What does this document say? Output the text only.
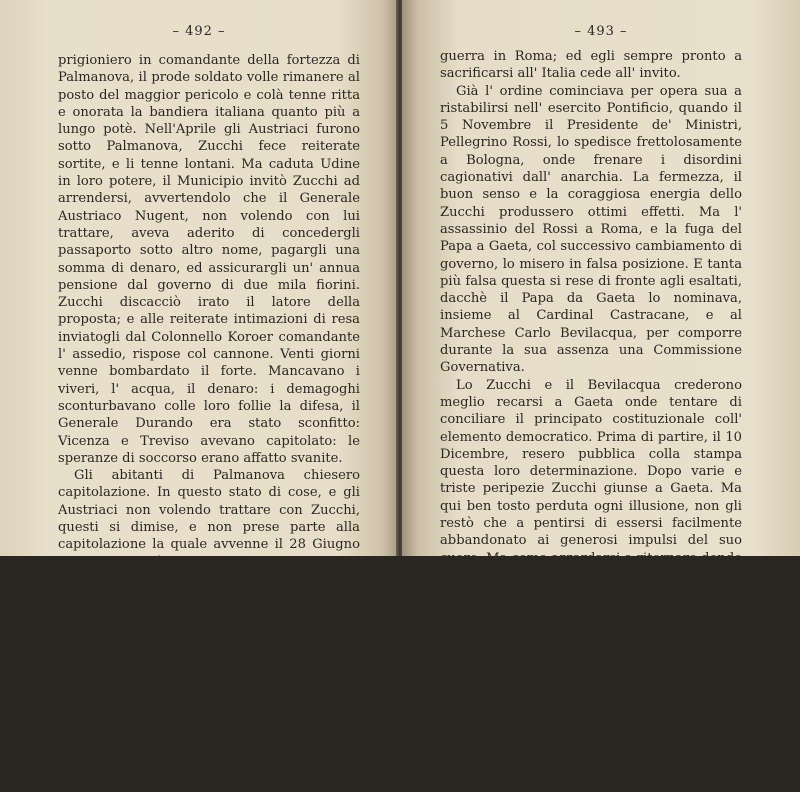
– 492 –

prigioniero in comandante della fortezza di Palmanova, il prode soldato volle rimanere al posto del maggior pericolo e colà tenne ritta e onorata la bandiera italiana quanto più a lungo potè. Nell'Aprile gli Austriaci furono sotto Palmanova, Zucchi fece reiterate sortite, e li tenne lontani. Ma caduta Udine in loro potere, il Municipio invitò Zucchi ad arrendersi, avvertendolo che il Generale Austriaco Nugent, non volendo con lui trattare, aveva aderito di concedergli passaporto sotto altro nome, pagargli una somma di denaro, ed assicurargli un' annua pensione dal governo di due mila fiorini. Zucchi discacciò irato il latore della proposta; e alle reiterate intimazioni di resa inviatogli dal Colonnello Koroer comandante l' assedio, rispose col cannone. Venti giorni venne bombardato il forte. Mancavano i viveri, l' acqua, il denaro: i demagoghi sconturbavano colle loro follie la difesa, il Generale Durando era stato sconfitto: Vicenza e Treviso avevano capitolato: le speranze di soccorso erano affatto svanite.

Gli abitanti di Palmanova chiesero capitolazione. In questo stato di cose, e gli Austriaci non volendo trattare con Zucchi, questi si dimise, e non prese parte alla capitolazione la quale avvenne il 28 Giugno 1848. Esso uscì libero da Palmanova insieme ai bravi cannonieri Piemontesi comandati dal valoroso Capitano Cugia. Tornato a Reggio ricevè il 4 Luglio dal Governo di Milano l' incarico di recarsi colà per consacrarsi di nuovo alla patria. Ad onta della mal ferma salute Zucchi obbedì. Ma sarà bene astenerci di ricordare qui il tormentoso periodo della sua vita dal 6 Luglio, all' Agosto del 1848. Dopo gli eventi disgraziati dell' esercito Piemontese, e del trattato Salasco; Zucchi erasi rifugiato in Lugano. Il 1.º Ottobre Pio IX.º il chiama Ministro della

– 493 –

guerra in Roma; ed egli sempre pronto a sacrificarsi all' Italia cede all' invito.

Già l' ordine cominciava per opera sua a ristabilirsi nell' esercito Pontificio, quando il 5 Novembre il Presidente de' Ministri, Pellegrino Rossi, lo spedisce frettolosamente a Bologna, onde frenare i disordini cagionativi dall' anarchia. La fermezza, il buon senso e la coraggiosa energia dello Zucchi produssero ottimi effetti. Ma l' assassinio del Rossi a Roma, e la fuga del Papa a Gaeta, col successivo cambiamento di governo, lo misero in falsa posizione. E tanta più falsa questa si rese di fronte agli esaltati, dacchè il Papa da Gaeta lo nominava, insieme al Cardinal Castracane, e al Marchese Carlo Bevilacqua, per comporre durante la sua assenza una Commissione Governativa.

Lo Zucchi e il Bevilacqua crederono meglio recarsi a Gaeta onde tentare di conciliare il principato costituzionale coll' elemento democratico. Prima di partire, il 10 Dicembre, resero pubblica colla stampa questa loro determinazione. Dopo varie e triste peripezie Zucchi giunse a Gaeta. Ma qui ben tosto perduta ogni illusione, non gli restò che a pentirsi di essersi facilmente abbandonato ai generosi impulsi del suo cuore. Ma come azzardarsi a ritornare donde era partito, colla memoria dei recenti affronti e pericoli incorsi lungo la via? Ordinatogli da Pio IX.º di recarsi a Pontecorvo per assumere il comando delle truppe a lui rimaste fedeli, obbedì: ma egli sebbene amato personalmente dal Papa, era detestato come buon italiano dal Re di Napoli e dal Cardinale Antonelli: di modo che furon tali e tanti i dispiaceri da costoro procacciatigli da indurlo a chiedere la sua dimissione.

Così tornò lo Zucchi a vivere come semplice privato,
